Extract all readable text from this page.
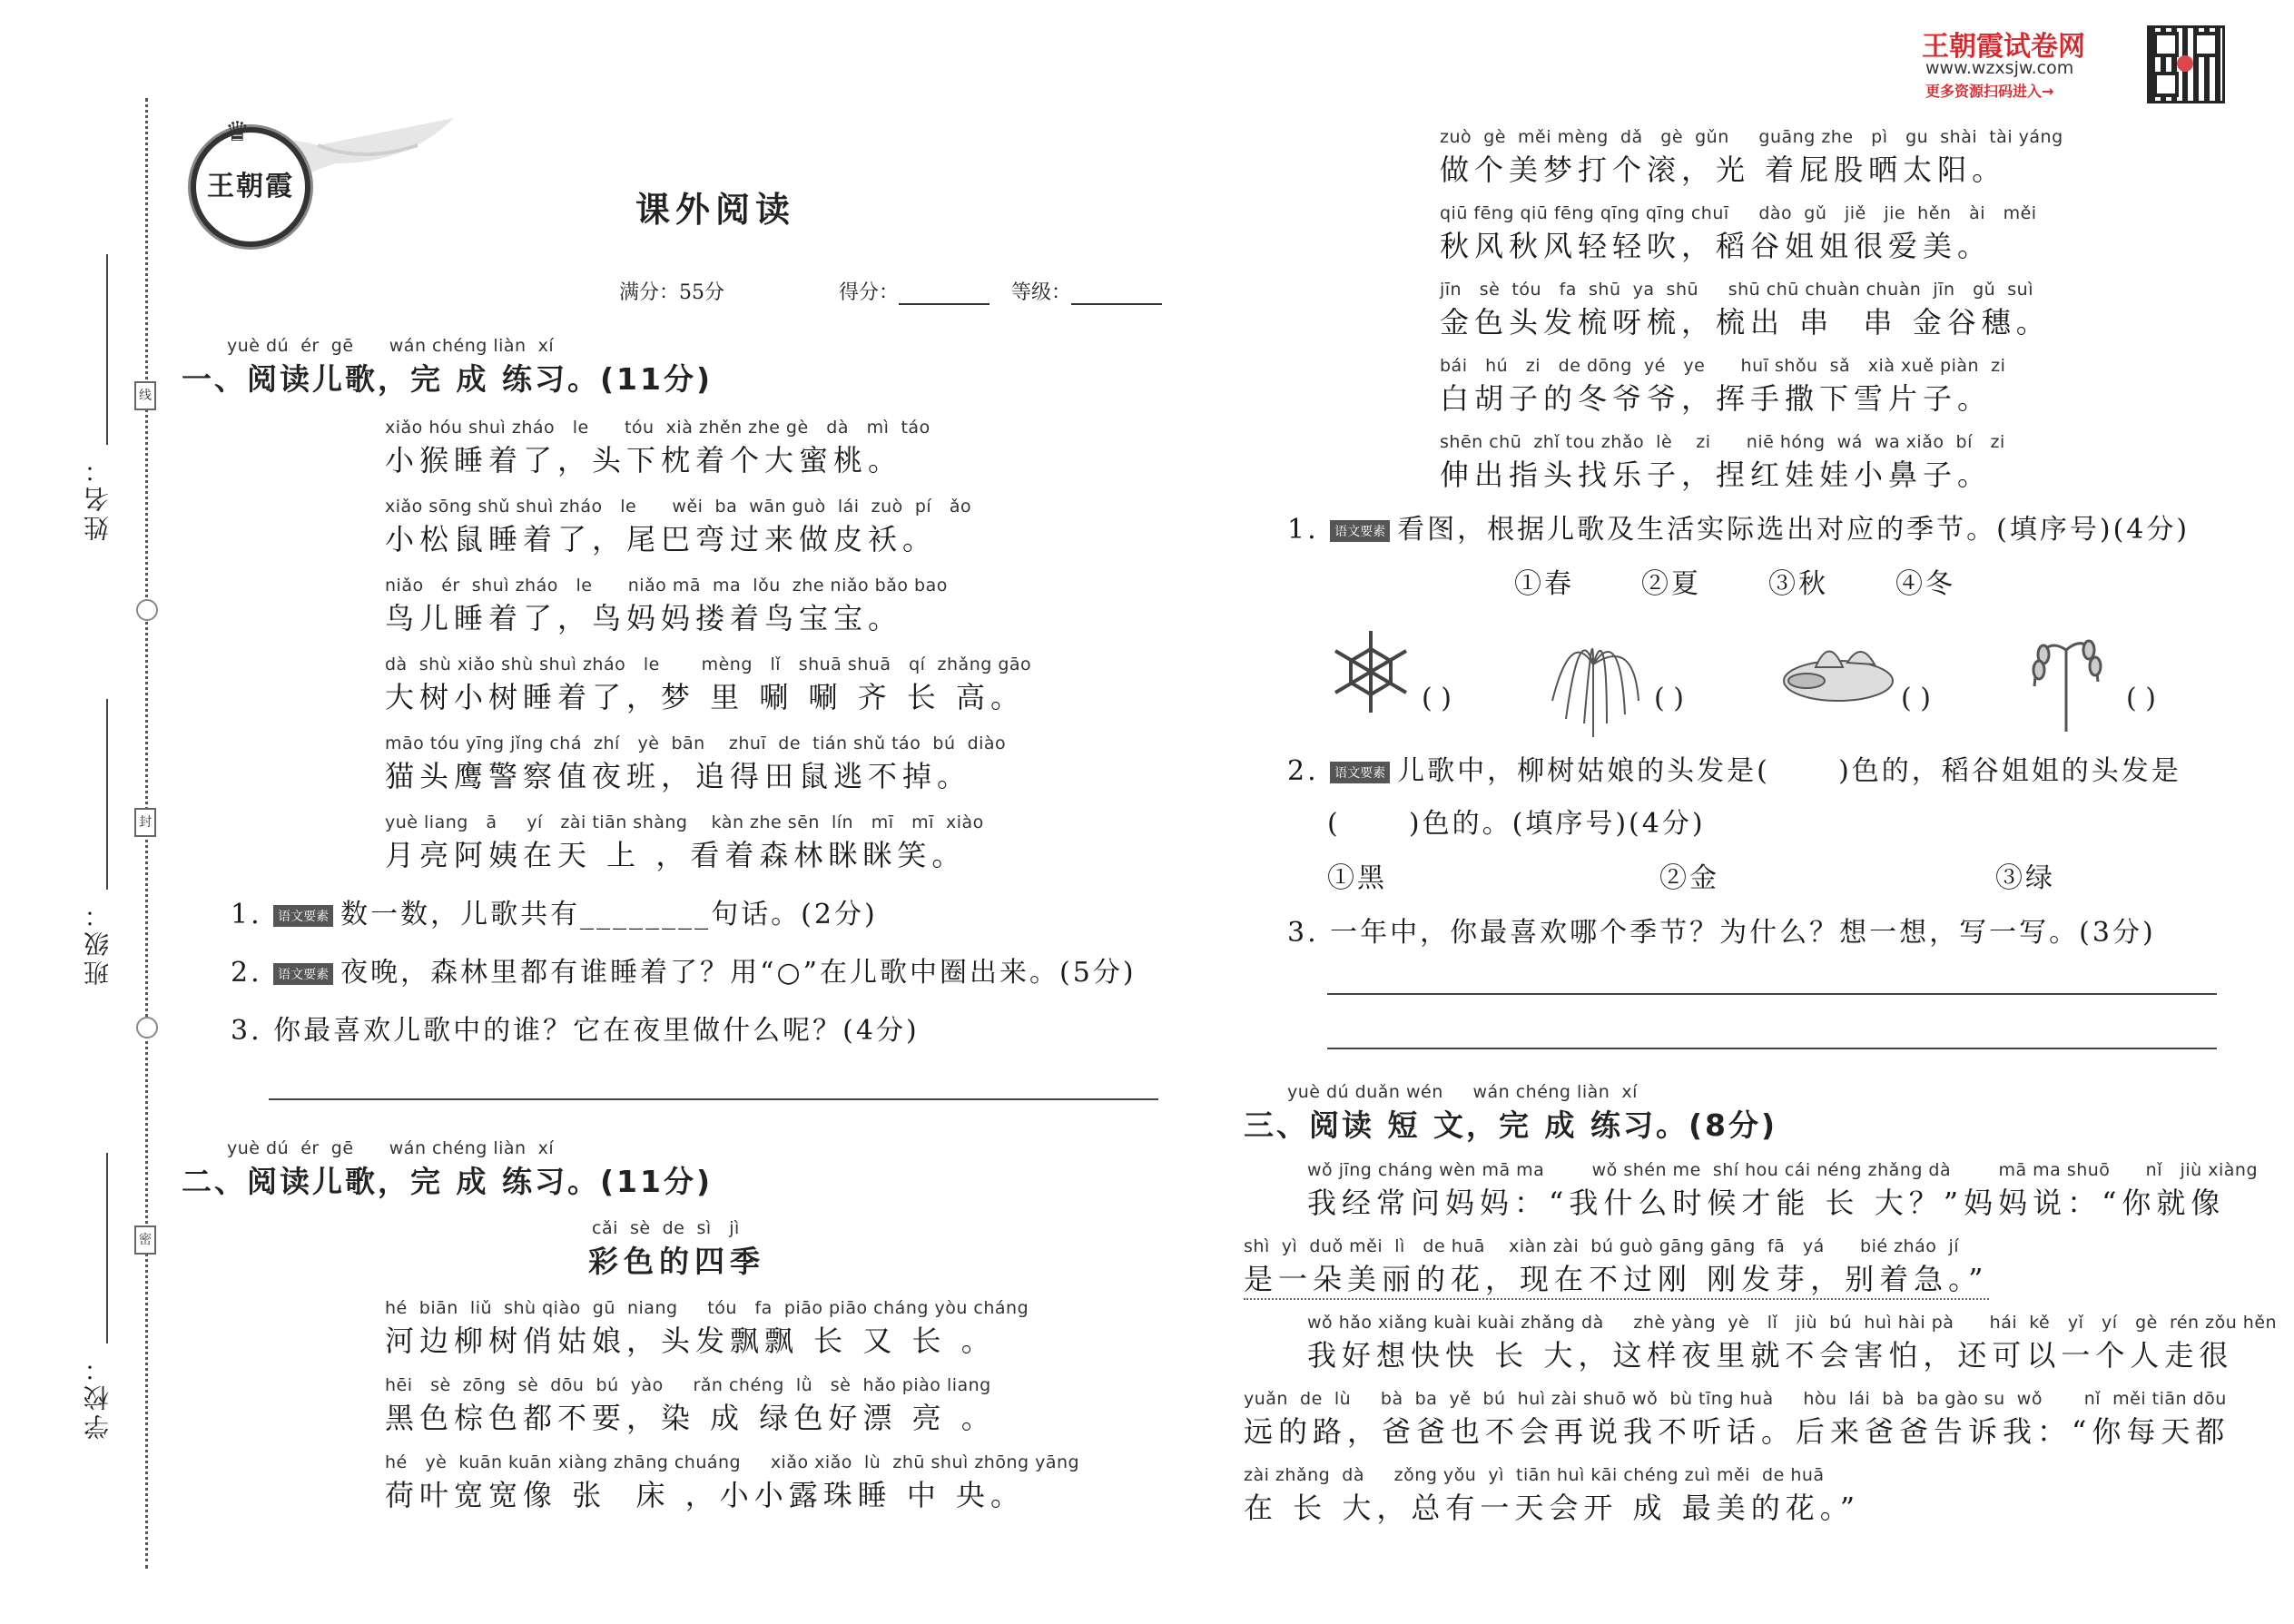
王朝霞试卷网
www.wzxsjw.com
更多资源扫码进入→
王朝霞
♛
线
封
密
姓名：
班级：
学校：
课外阅读
满分：55分	得分：	等级：
yuè dú  ér  gē      wán chéng liàn  xí
一、阅读儿歌，完 成 练习。(11分)
xiǎo hóu shuì zháo   le      tóu  xià zhěn zhe gè   dà   mì  táo
小猴睡着了，头下枕着个大蜜桃。
xiǎo sōng shǔ shuì zháo   le      wěi  ba  wān guò  lái  zuò  pí   ǎo
小松鼠睡着了，尾巴弯过来做皮袄。
niǎo   ér  shuì zháo   le      niǎo mā  ma  lǒu  zhe niǎo bǎo bao
鸟儿睡着了，鸟妈妈搂着鸟宝宝。
dà  shù xiǎo shù shuì zháo   le       mèng   lǐ   shuā shuā   qí  zhǎng gāo
大树小树睡着了，梦 里 唰 唰 齐 长 高。
māo tóu yīng jǐng chá  zhí   yè  bān    zhuī  de  tián shǔ táo  bú  diào
猫头鹰警察值夜班，追得田鼠逃不掉。
yuè liang   ā     yí   zài tiān shàng    kàn zhe sēn  lín   mī   mī  xiào
月亮阿姨在天 上 ，看着森林眯眯笑。
1. 语文要素 数一数，儿歌共有________句话。(2分)
2. 语文要素 夜晚，森林里都有谁睡着了？用“○”在儿歌中圈出来。(5分)
3. 你最喜欢儿歌中的谁？它在夜里做什么呢？(4分)
yuè dú  ér  gē      wán chéng liàn  xí
二、阅读儿歌，完 成 练习。(11分)
cǎi  sè  de  sì   jì
彩色的四季
hé  biān  liǔ  shù qiào  gū  niang     tóu   fa  piāo piāo cháng yòu cháng
河边柳树俏姑娘，头发飘飘 长 又 长 。
hēi   sè  zōng  sè  dōu  bú  yào     rǎn chéng  lǜ   sè  hǎo piào liang
黑色棕色都不要，染 成 绿色好漂 亮 。
hé   yè  kuān kuān xiàng zhāng chuáng     xiǎo xiǎo  lù  zhū shuì zhōng yāng
荷叶宽宽像 张  床 ，小小露珠睡 中 央。
zuò  gè  měi mèng  dǎ   gè  gǔn     guāng zhe   pì   gu  shài  tài yáng
做个美梦打个滚，光 着屁股晒太阳。
qiū fēng qiū fēng qīng qīng chuī     dào  gǔ   jiě   jie  hěn   ài   měi
秋风秋风轻轻吹，稻谷姐姐很爱美。
jīn   sè  tóu   fa  shū  ya  shū     shū chū chuàn chuàn  jīn   gǔ  suì
金色头发梳呀梳，梳出 串  串 金谷穗。
bái   hú   zi   de dōng  yé   ye      huī shǒu  sǎ   xià xuě piàn  zi
白胡子的冬爷爷，挥手撒下雪片子。
shēn chū  zhǐ tou zhǎo  lè    zi      niē hóng  wá  wa xiǎo  bí   zi
伸出指头找乐子，捏红娃娃小鼻子。
1. 语文要素 看图，根据儿歌及生活实际选出对应的季节。(填序号)(4分)
①春 ②夏 ③秋 ④冬
( )	( )	( )	( )
2. 语文要素 儿歌中，柳树姑娘的头发是(      )色的，稻谷姐姐的头发是
(      )色的。(填序号)(4分)
①黑	②金	③绿
3. 一年中，你最喜欢哪个季节？为什么？想一想，写一写。(3分)
yuè dú duǎn wén     wán chéng liàn  xí
三、阅读 短 文，完 成 练习。(8分)
wǒ jīng cháng wèn mā ma        wǒ shén me  shí hou cái néng zhǎng dà        mā ma shuō      nǐ   jiù xiàng
我经常问妈妈：“我什么时候才能 长 大？”妈妈说：“你就像
shì  yì  duǒ měi  lì   de huā    xiàn zài  bú guò gāng gāng  fā   yá      bié zháo  jí
是一朵美丽的花，现在不过刚 刚发芽，别着急。”
wǒ hǎo xiǎng kuài kuài zhǎng dà     zhè yàng  yè   lǐ   jiù  bú  huì hài pà      hái  kě   yǐ   yí   gè  rén zǒu hěn
我好想快快 长 大，这样夜里就不会害怕，还可以一个人走很
yuǎn  de  lù     bà  ba  yě  bú  huì zài shuō wǒ  bù tīng huà     hòu  lái  bà  ba gào su  wǒ       nǐ  měi tiān dōu
远的路，爸爸也不会再说我不听话。后来爸爸告诉我：“你每天都
zài zhǎng  dà     zǒng yǒu  yì  tiān huì kāi chéng zuì měi  de huā
在 长 大，总有一天会开 成 最美的花。”
